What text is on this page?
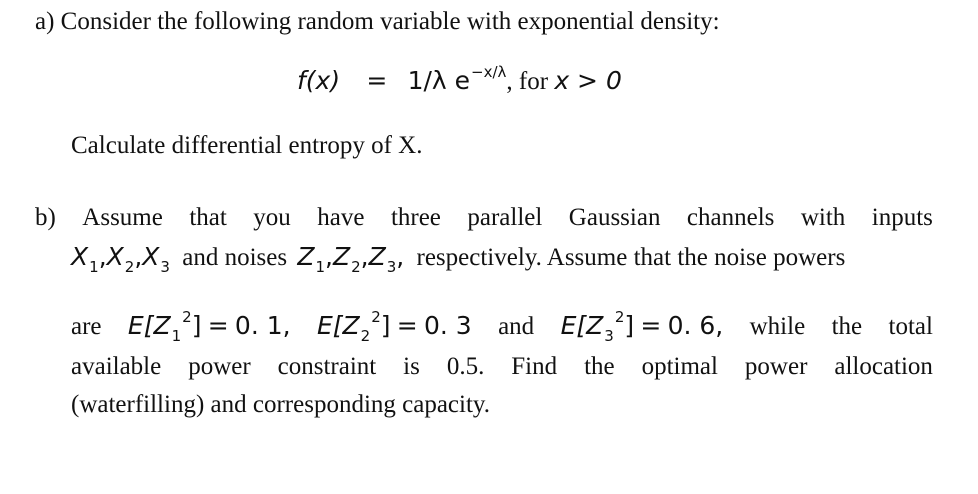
a) Consider the following random variable with exponential density:
f(x) = 1/λ $e^{-x/\lambda}$, for x > 0
Calculate differential entropy of X.
b) Assume that you have three parallel Gaussian channels with inputs
$X_1,X_2,X_3$ and noises $Z_1,Z_2,Z_3$, respectively. Assume that the noise powers
are $E[Z_1^2] = 0$. 1, $E[Z_2^2] = 0$. 3 and $E[Z_3^2] = 0$. 6, while the total
available power constraint is 0.5. Find the optimal power allocation
(waterfilling) and corresponding capacity.
